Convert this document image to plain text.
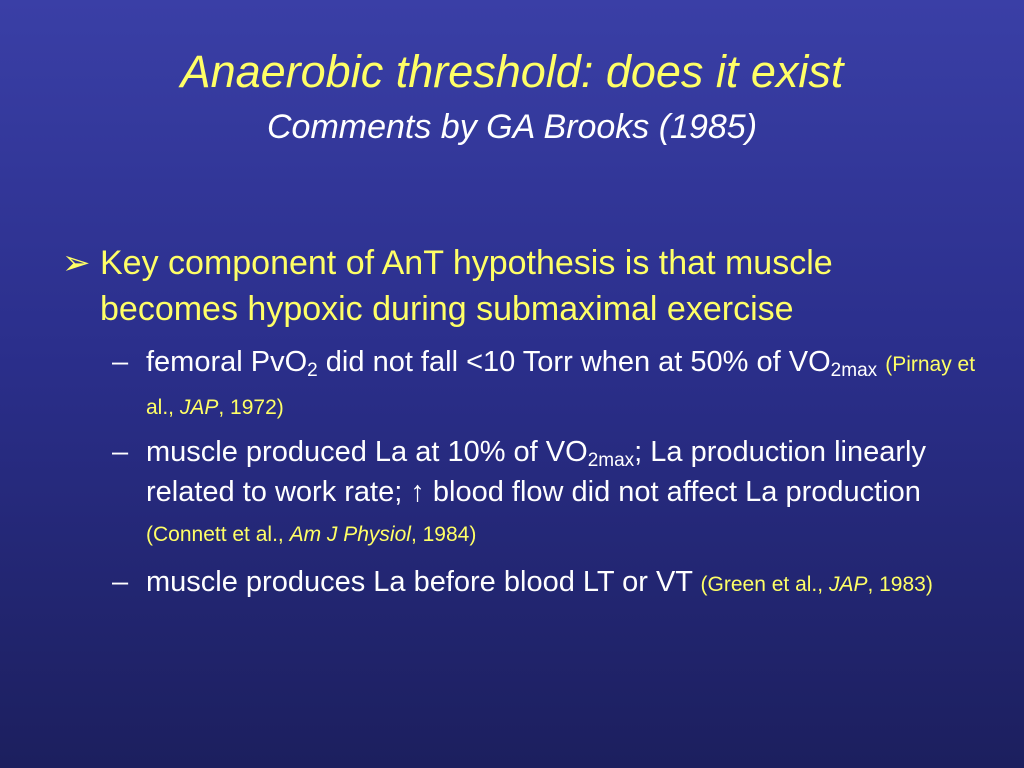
Anaerobic threshold: does it exist
Comments by GA Brooks (1985)
➢ Key component of AnT hypothesis is that muscle becomes hypoxic during submaximal exercise
– femoral PvO$_2$ did not fall <10 Torr when at 50% of $VO_{2max}$ (Pirnay et al., JAP, 1972)
– muscle produced La at 10% of $VO_{2max}$; La production linearly related to work rate; ↑ blood flow did not affect La production (Connett et al., Am J Physiol, 1984)
– muscle produces La before blood LT or VT (Green et al., JAP, 1983)
